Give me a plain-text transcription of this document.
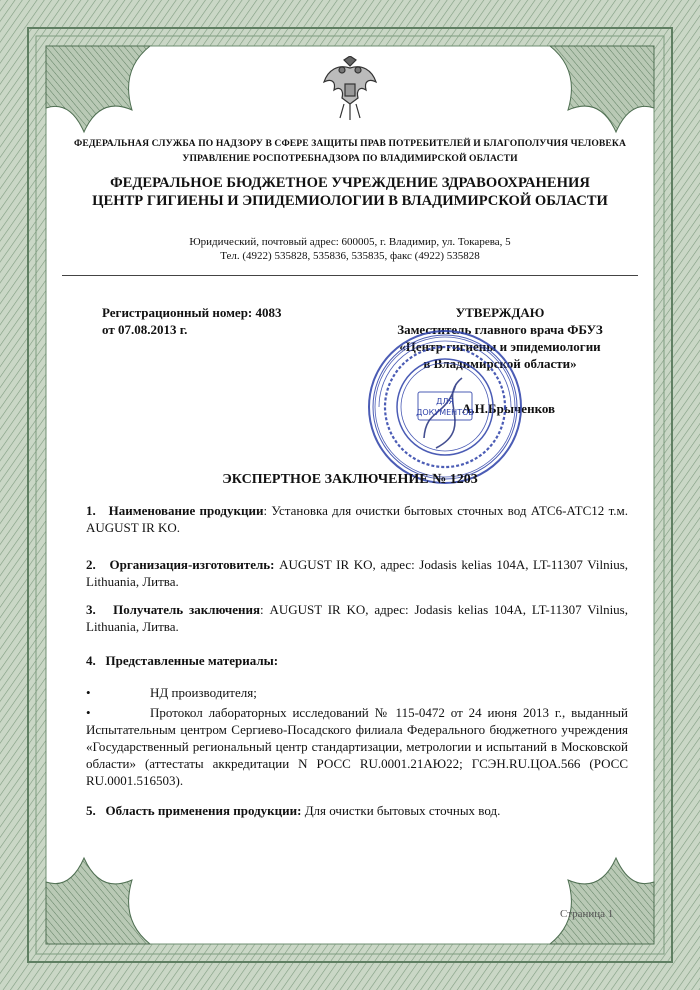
ФЕДЕРАЛЬНАЯ СЛУЖБА ПО НАДЗОРУ В СФЕРЕ ЗАЩИТЫ ПРАВ ПОТРЕБИТЕЛЕЙ И БЛАГОПОЛУЧИЯ ЧЕЛОВЕКА
УПРАВЛЕНИЕ РОСПОТРЕБНАДЗОРА ПО ВЛАДИМИРСКОЙ ОБЛАСТИ
ФЕДЕРАЛЬНОЕ БЮДЖЕТНОЕ УЧРЕЖДЕНИЕ ЗДРАВООХРАНЕНИЯ
ЦЕНТР ГИГИЕНЫ И ЭПИДЕМИОЛОГИИ В ВЛАДИМИРСКОЙ ОБЛАСТИ
Юридический, почтовый адрес: 600005, г. Владимир, ул. Токарева, 5
Тел. (4922) 535828, 535836, 535835, факс (4922) 535828
Регистрационный номер: 4083
от 07.08.2013 г.
УТВЕРЖДАЮ
Заместитель главного врача ФБУЗ
«Центр гигиены и эпидемиологии
в Владимирской области»
А.Н.Брыченков
ДЛЯ
ДОКУМЕНТОВ
ЭКСПЕРТНОЕ ЗАКЛЮЧЕНИЕ № 1203
1. Наименование продукции: Установка для очистки бытовых сточных вод АТС6-АТС12 т.м. AUGUST IR KO.
2. Организация-изготовитель: AUGUST IR KO, адрес: Jodasis kelias 104A, LT-11307 Vilnius, Lithuania, Литва.
3. Получатель заключения: AUGUST IR KO, адрес: Jodasis kelias 104A, LT-11307 Vilnius, Lithuania, Литва.
4. Представленные материалы:
•	НД производителя;
•	Протокол лабораторных исследований № 115-0472 от 24 июня 2013 г., выданный Испытательным центром Сергиево-Посадского филиала Федерального бюджетного учреждения «Государственный региональный центр стандартизации, метрологии и испытаний в Московской области» (аттестаты аккредитации N РОСС RU.0001.21АЮ22; ГСЭН.RU.ЦОА.566 (РОСС RU.0001.516503).
5. Область применения продукции: Для очистки бытовых сточных вод.
Страница 1
